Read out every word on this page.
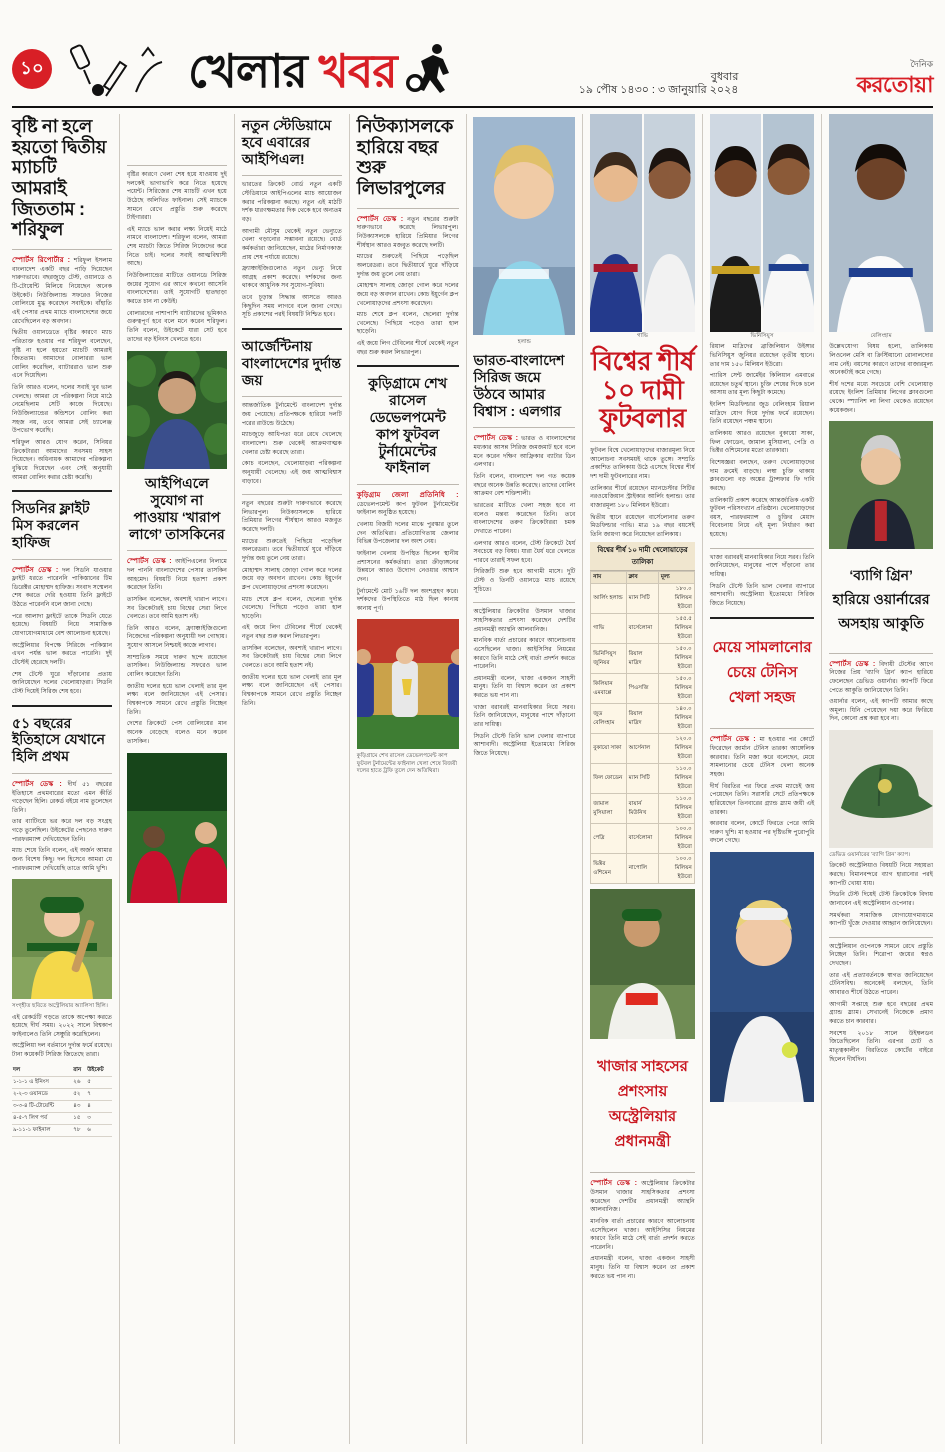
১০	খেলার খবর	বুধবার
১৯ পৌষ ১৪৩০ : ৩ জানুয়ারি ২০২৪
দৈনিক
করতোয়া
বৃষ্টি না হলে হয়তো দ্বিতীয় ম্যাচটি আমরাই জিততাম : শরিফুল

স্পোর্টস রিপোর্টার : শরিফুল ইসলাম বাংলাদেশ একটি বছর পাড়ি দিয়েছেন দারুণভাবে। বছরজুড়ে টেস্ট, ওয়ানডে ও টি-টোয়েন্টি মিলিয়ে নিয়েছেন অনেক উইকেট। নিউজিল্যান্ড সফরেও নিজের বোলিংয়ে মুগ্ধ করেছেন সবাইকে। বাঁহাতি এই পেসার প্রথম ম্যাচে বাংলাদেশের জয়ে রেখেছিলেন বড় অবদান।

দ্বিতীয় ওয়ানডেতে বৃষ্টির কারণে ম্যাচ পরিত্যক্ত হওয়ার পর শরিফুল বলেছেন, বৃষ্টি না হলে হয়তো ম্যাচটি আমরাই জিততাম। আমাদের বোলাররা ভাল বোলিং করেছিল, ব্যাটাররাও ভাল শুরু এনে দিয়েছিল।

তিনি আরও বলেন, দলের সবাই খুব ভাল খেলছে। আমরা যে পরিকল্পনা নিয়ে মাঠে নেমেছিলাম সেটি কাজে দিয়েছে। নিউজিল্যান্ডের কন্ডিশনে বোলিং করা সহজ নয়, তবে আমরা সেই চ্যালেঞ্জ উপভোগ করেছি।

শরিফুল আরও যোগ করেন, সিনিয়র ক্রিকেটাররা আমাদের সবসময় সাহস দিয়েছেন। অধিনায়ক আমাদের পরিকল্পনা বুঝিয়ে দিয়েছেন এবং সেই অনুযায়ী আমরা বোলিং করার চেষ্টা করেছি।

সিডনির ফ্লাইট মিস করলেন হাফিজ

স্পোর্টস ডেস্ক : দল সিডনি যাওয়ার ফ্লাইট ধরতে পারেননি পাকিস্তানের টিম ডিরেক্টর মোহাম্মদ হাফিজ। সংবাদ সম্মেলন শেষ করতে দেরি হওয়ায় তিনি ফ্লাইটে উঠতে পারেননি বলে জানা গেছে।

পরে আলাদা ফ্লাইটে তাকে সিডনি যেতে হয়েছে। বিষয়টি নিয়ে সামাজিক যোগাযোগমাধ্যমে বেশ আলোচনা হয়েছে।

অস্ট্রেলিয়ার বিপক্ষে সিরিজে পাকিস্তান এখন পর্যন্ত ভাল করতে পারেনি। দুই টেস্টেই হেরেছে দলটি।

শেষ টেস্টে ঘুরে দাঁড়ানোর প্রত্যয় জানিয়েছেন দলের খেলোয়াড়রা। সিডনি টেস্ট দিয়েই সিরিজ শেষ হবে।

৫১ বছরের ইতিহাসে যেখানে হিলি প্রথম

স্পোর্টস ডেস্ক : দীর্ঘ ৫১ বছরের ইতিহাসে প্রথমবারের মতো এমন কীর্তি গড়েছেন হিলি। রেকর্ড বইয়ে নাম তুলেছেন তিনি।

তার ব্যাটিংয়ে ভর করে দল বড় সংগ্রহ গড়ে তুলেছিল। উইকেটের পেছনেও দারুণ পারফরম্যান্স দেখিয়েছেন তিনি।

ম্যাচ শেষে তিনি বলেন, এই অর্জন আমার জন্য বিশেষ কিছু। দল হিসেবে আমরা যে পারফরম্যান্স দেখিয়েছি তাতে আমি খুশি।

সংগৃহীত ছবিতে অস্ট্রেলিয়ার অ্যালিসা হিলি।

এই রেকর্ডটি গড়তে তাকে অপেক্ষা করতে হয়েছে দীর্ঘ সময়। ২০২২ সালে বিশ্বকাপ ফাইনালেও তিনি সেঞ্চুরি করেছিলেন।

অস্ট্রেলিয়া দল বর্তমানে দুর্দান্ত ফর্মে রয়েছে। টানা কয়েকটি সিরিজ জিতেছে তারা।

দল	রান	উইকেট
১-১-১ এ ইনিংস	২৬	৫
২-২-৩ ওয়ানডে	৫২	৭
৩-৩-৪ টি-টোয়েন্টি	৪৩	৪
৪-৫-৭ লিগ পর্ব	১৫	৩
৯-১১-১ ফাইনাল	৭৮	৬

বৃষ্টির কারণে খেলা শেষ হয়ে যাওয়ায় দুই দলকেই ভাগাভাগি করে নিতে হয়েছে পয়েন্ট। সিরিজের শেষ ম্যাচটি এখন হয়ে উঠেছে অলিখিত ফাইনাল। সেই ম্যাচকে সামনে রেখে প্রস্তুতি শুরু করেছে টাইগাররা।

এই ম্যাচে ভাল করার লক্ষ্য নিয়েই মাঠে নামবে বাংলাদেশ। শরিফুল বলেন, আমরা শেষ ম্যাচটা জিতে সিরিজ নিজেদের করে নিতে চাই। দলের সবাই আত্মবিশ্বাসী আছে।

নিউজিল্যান্ডের মাটিতে ওয়ানডে সিরিজ জয়ের সুযোগ এর আগে কখনো আসেনি বাংলাদেশের। তাই সুযোগটি হাতছাড়া করতে চান না কেউই।

বোলারদের পাশাপাশি ব্যাটারদের ভূমিকাও গুরুত্বপূর্ণ হবে বলে মনে করেন শরিফুল। তিনি বলেন, উইকেটে যারা সেট হবে তাদের বড় ইনিংস খেলতে হবে।

আইপিএলে সুযোগ না পাওয়ায় ‘খারাপ লাগে’ তাসকিনের

স্পোর্টস ডেস্ক : আইপিএলের নিলামে দল পাননি বাংলাদেশের পেসার তাসকিন আহমেদ। বিষয়টি নিয়ে হতাশা প্রকাশ করেছেন তিনি।

তাসকিন বলেছেন, অবশ্যই খারাপ লাগে। সব ক্রিকেটারই চায় বিশ্বের সেরা লিগে খেলতে। তবে আমি হতাশ নই।

তিনি আরও বলেন, ফ্র্যাঞ্চাইজিগুলো নিজেদের পরিকল্পনা অনুযায়ী দল গোছায়। সুযোগ আসলে নিশ্চয়ই কাজে লাগাব।

সাম্প্রতিক সময়ে দারুণ ছন্দে রয়েছেন তাসকিন। নিউজিল্যান্ড সফরেও ভাল বোলিং করেছেন তিনি।

জাতীয় দলের হয়ে ভাল খেলাই তার মূল লক্ষ্য বলে জানিয়েছেন এই পেসার। বিশ্বকাপকে সামনে রেখে প্রস্তুতি নিচ্ছেন তিনি।

দেশের ক্রিকেটে পেস বোলিংয়ের মান অনেক বেড়েছে বলেও মনে করেন তাসকিন।

নতুন স্টেডিয়ামে হবে এবারের আইপিএল!

ভারতের ক্রিকেট বোর্ড নতুন একটি স্টেডিয়ামে আইপিএলের ম্যাচ আয়োজন করার পরিকল্পনা করছে। নতুন এই মাঠটি দর্শক ধারণক্ষমতার দিক থেকে হবে অন্যতম বড়।

আগামী মৌসুম থেকেই নতুন ভেন্যুতে খেলা গড়ানোর সম্ভাবনা রয়েছে। বোর্ড কর্মকর্তারা জানিয়েছেন, মাঠের নির্মাণকাজ প্রায় শেষ পর্যায়ে রয়েছে।

ফ্র্যাঞ্চাইজিগুলোও নতুন ভেন্যু নিয়ে আগ্রহ প্রকাশ করেছে। দর্শকদের জন্য থাকবে আধুনিক সব সুযোগ-সুবিধা।

তবে চূড়ান্ত সিদ্ধান্ত আসতে আরও কিছুদিন সময় লাগবে বলে জানা গেছে। সূচি প্রকাশের পরই বিষয়টি নিশ্চিত হবে।

আর্জেন্টিনায় বাংলাদেশের দুর্দান্ত জয়

আন্তর্জাতিক টুর্নামেন্টে বাংলাদেশ দুর্দান্ত জয় পেয়েছে। প্রতিপক্ষকে হারিয়ে দলটি পরের রাউন্ডে উঠেছে।

ম্যাচজুড়ে আধিপত্য ধরে রেখে খেলেছে বাংলাদেশ। শুরু থেকেই আক্রমণাত্মক খেলার চেষ্টা করেছে তারা।

কোচ বলেছেন, খেলোয়াড়রা পরিকল্পনা অনুযায়ী খেলেছে। এই জয় আত্মবিশ্বাস বাড়াবে।

নতুন বছরের শুরুটা দারুণভাবে করেছে লিভারপুল। নিউক্যাসলকে হারিয়ে প্রিমিয়ার লিগের শীর্ষস্থান আরও মজবুত করেছে দলটি।

ম্যাচের শুরুতেই পিছিয়ে পড়েছিল অলরেডরা। তবে দ্বিতীয়ার্ধে ঘুরে দাঁড়িয়ে দুর্দান্ত জয় তুলে নেয় তারা।

মোহাম্মদ সালাহ জোড়া গোল করে দলের জয়ে বড় অবদান রাখেন। কোচ ইয়ুর্গেন ক্লপ খেলোয়াড়দের প্রশংসা করেছেন।

ম্যাচ শেষে ক্লপ বলেন, ছেলেরা দুর্দান্ত খেলেছে। পিছিয়ে পড়েও তারা হাল ছাড়েনি।

এই জয়ে লিগ টেবিলের শীর্ষে থেকেই নতুন বছর শুরু করল লিভারপুল।

তাসকিন বলেছেন, অবশ্যই খারাপ লাগে। সব ক্রিকেটারই চায় বিশ্বের সেরা লিগে খেলতে। তবে আমি হতাশ নই।

জাতীয় দলের হয়ে ভাল খেলাই তার মূল লক্ষ্য বলে জানিয়েছেন এই পেসার। বিশ্বকাপকে সামনে রেখে প্রস্তুতি নিচ্ছেন তিনি।

নিউক্যাসলকে হারিয়ে বছর শুরু লিভারপুলের

স্পোর্টস ডেস্ক : নতুন বছরের শুরুটা দারুণভাবে করেছে লিভারপুল। নিউক্যাসলকে হারিয়ে প্রিমিয়ার লিগের শীর্ষস্থান আরও মজবুত করেছে দলটি।

ম্যাচের শুরুতেই পিছিয়ে পড়েছিল অলরেডরা। তবে দ্বিতীয়ার্ধে ঘুরে দাঁড়িয়ে দুর্দান্ত জয় তুলে নেয় তারা।

মোহাম্মদ সালাহ জোড়া গোল করে দলের জয়ে বড় অবদান রাখেন। কোচ ইয়ুর্গেন ক্লপ খেলোয়াড়দের প্রশংসা করেছেন।

ম্যাচ শেষে ক্লপ বলেন, ছেলেরা দুর্দান্ত খেলেছে। পিছিয়ে পড়েও তারা হাল ছাড়েনি।

এই জয়ে লিগ টেবিলের শীর্ষে থেকেই নতুন বছর শুরু করল লিভারপুল।

কুড়িগ্রামে শেখ রাসেল ডেভেলপমেন্ট কাপ ফুটবল টুর্নামেন্টের ফাইনাল

কুড়িগ্রাম জেলা প্রতিনিধি : ডেভেলপমেন্ট কাপ ফুটবল টুর্নামেন্টের ফাইনাল অনুষ্ঠিত হয়েছে।

খেলায় বিজয়ী দলের মাঝে পুরস্কার তুলে দেন অতিথিরা। প্রতিযোগিতায় জেলার বিভিন্ন উপজেলার দল অংশ নেয়।

ফাইনাল খেলায় উপস্থিত ছিলেন স্থানীয় প্রশাসনের কর্মকর্তারা। তারা ক্রীড়াঙ্গনের উন্নয়নে আরও উদ্যোগ নেওয়ার আশ্বাস দেন।

টুর্নামেন্টে মোট ১৬টি দল অংশগ্রহণ করে। দর্শকদের উপস্থিতিতে মাঠ ছিল কানায় কানায় পূর্ণ।

কুড়িগ্রামে শেখ রাসেল ডেভেলপমেন্ট কাপ ফুটবল টুর্নামেন্টের ফাইনাল খেলা শেষে বিজয়ী দলের হাতে ট্রফি তুলে দেন অতিথিরা।
হলান্ড
ভারত-বাংলাদেশ সিরিজ জমে উঠবে আমার বিশ্বাস : এলগার

স্পোর্টস ডেস্ক : ভারত ও বাংলাদেশের মধ্যকার আসন্ন সিরিজ জমজমাট হবে বলে মনে করেন দক্ষিণ আফ্রিকার ব্যাটার ডিন এলগার।

তিনি বলেন, বাংলাদেশ দল গত কয়েক বছরে অনেক উন্নতি করেছে। তাদের বোলিং আক্রমণ বেশ শক্তিশালী।

ভারতের মাটিতে খেলা সহজ হবে না বলেও মন্তব্য করেছেন তিনি। তবে বাংলাদেশের তরুণ ক্রিকেটাররা চমক দেখাতে পারেন।

এলগার আরও বলেন, টেস্ট ক্রিকেটে ধৈর্য সবচেয়ে বড় বিষয়। যারা ধৈর্য ধরে খেলতে পারবে তারাই সফল হবে।

সিরিজটি শুরু হবে আগামী মাসে। দুটি টেস্ট ও তিনটি ওয়ানডে ম্যাচ রয়েছে সূচিতে।

অস্ট্রেলিয়ার ক্রিকেটার উসমান খাজার সাহসিকতার প্রশংসা করেছেন দেশটির প্রধানমন্ত্রী অ্যান্থনি আলবানিজ।

মানবিক বার্তা প্রচারের কারণে আলোচনায় এসেছিলেন খাজা। আইসিসির নিয়মের কারণে তিনি মাঠে সেই বার্তা প্রদর্শন করতে পারেননি।

প্রধানমন্ত্রী বলেন, খাজা একজন সাহসী মানুষ। তিনি যা বিশ্বাস করেন তা প্রকাশ করতে ভয় পান না।

খাজা বরাবরই মানবাধিকার নিয়ে সরব। তিনি জানিয়েছেন, মানুষের পাশে দাঁড়ানো তার দায়িত্ব।

সিডনি টেস্টে তিনি ভাল খেলার ব্যাপারে আশাবাদী। অস্ট্রেলিয়া ইতোমধ্যে সিরিজ জিতে নিয়েছে।

গাভি
বিশ্বের শীর্ষ ১০ দামী ফুটবলার

ফুটবল বিশ্বে খেলোয়াড়দের বাজারমূল্য নিয়ে আলোচনা সবসময়ই থাকে তুঙ্গে। সম্প্রতি প্রকাশিত তালিকায় উঠে এসেছে বিশ্বের শীর্ষ দশ দামী ফুটবলারের নাম।

তালিকার শীর্ষে রয়েছেন ম্যানচেস্টার সিটির নরওয়েজিয়ান স্ট্রাইকার আর্লিং হলান্ড। তার বাজারমূল্য ১৮০ মিলিয়ন ইউরো।

দ্বিতীয় স্থানে রয়েছেন বার্সেলোনার তরুণ মিডফিল্ডার গাভি। মাত্র ১৯ বছর বয়সেই তিনি জায়গা করে নিয়েছেন তালিকায়।

বিশ্বের শীর্ষ ১০ দামী খেলোয়াড়ের তালিকা
নাম	ক্লাব	মূল্য
আর্লিং হলান্ড	ম্যান সিটি	১৮০.০ মিলিয়ন ইউরো
গাভি	বার্সেলোনা	১৫৫.৫ মিলিয়ন ইউরো
ভিনিসিয়ুস জুনিয়র	রিয়াল মাদ্রিদ	১৫০.০ মিলিয়ন ইউরো
কিলিয়ান এমবাপ্পে	পিএসজি	১৫০.০ মিলিয়ন ইউরো
জুড বেলিংহাম	রিয়াল মাদ্রিদ	১৪০.০ মিলিয়ন ইউরো
বুকায়ো সাকা	আর্সেনাল	১২০.০ মিলিয়ন ইউরো
ফিল ফোডেন	ম্যান সিটি	১১০.০ মিলিয়ন ইউরো
জামাল মুসিয়ালা	বায়ার্ন মিউনিখ	১১০.০ মিলিয়ন ইউরো
পেদ্রি	বার্সেলোনা	১০০.০ মিলিয়ন ইউরো
ভিক্টর ওশিমেন	নাপোলি	১০০.০ মিলিয়ন ইউরো
খাজার সাহসের প্রশংসায় অস্ট্রেলিয়ার প্রধানমন্ত্রী

স্পোর্টস ডেস্ক : অস্ট্রেলিয়ার ক্রিকেটার উসমান খাজার সাহসিকতার প্রশংসা করেছেন দেশটির প্রধানমন্ত্রী অ্যান্থনি আলবানিজ।

মানবিক বার্তা প্রচারের কারণে আলোচনায় এসেছিলেন খাজা। আইসিসির নিয়মের কারণে তিনি মাঠে সেই বার্তা প্রদর্শন করতে পারেননি।

প্রধানমন্ত্রী বলেন, খাজা একজন সাহসী মানুষ। তিনি যা বিশ্বাস করেন তা প্রকাশ করতে ভয় পান না।

ভিনিসিয়ুস

রিয়াল মাদ্রিদের ব্রাজিলিয়ান উইঙ্গার ভিনিসিয়ুস জুনিয়র রয়েছেন তৃতীয় স্থানে। তার দাম ১৫০ মিলিয়ন ইউরো।

প্যারিস সেন্ট জার্মেইর কিলিয়ান এমবাপ্পে রয়েছেন চতুর্থ স্থানে। চুক্তি শেষের দিকে চলে আসায় তার মূল্য কিছুটা কমেছে।

ইংলিশ মিডফিল্ডার জুড বেলিংহাম রিয়াল মাদ্রিদে যোগ দিয়ে দুর্দান্ত ফর্মে রয়েছেন। তিনি রয়েছেন পঞ্চম স্থানে।

তালিকায় আরও রয়েছেন বুকায়ো সাকা, ফিল ফোডেন, জামাল মুসিয়ালা, পেদ্রি ও ভিক্টর ওশিমেনের মতো তারকারা।

বিশেষজ্ঞরা বলছেন, তরুণ খেলোয়াড়দের দাম ক্রমেই বাড়ছে। লম্বা চুক্তি থাকায় ক্লাবগুলো বড় অঙ্কের ট্রান্সফার ফি দাবি করছে।

তালিকাটি প্রকাশ করেছে আন্তর্জাতিক একটি ফুটবল পরিসংখ্যান প্রতিষ্ঠান। খেলোয়াড়দের বয়স, পারফরম্যান্স ও চুক্তির মেয়াদ বিবেচনায় নিয়ে এই মূল্য নির্ধারণ করা হয়েছে।

খাজা বরাবরই মানবাধিকার নিয়ে সরব। তিনি জানিয়েছেন, মানুষের পাশে দাঁড়ানো তার দায়িত্ব।

সিডনি টেস্টে তিনি ভাল খেলার ব্যাপারে আশাবাদী। অস্ট্রেলিয়া ইতোমধ্যে সিরিজ জিতে নিয়েছে।

মেয়ে সামলানোর চেয়ে টেনিস খেলা সহজ

স্পোর্টস ডেস্ক : মা হওয়ার পর কোর্টে ফিরেছেন জার্মান টেনিস তারকা আঙ্গেলিক কারবার। তিনি মজা করে বলেছেন, মেয়ে সামলানোর চেয়ে টেনিস খেলা অনেক সহজ।

দীর্ঘ বিরতির পর ফিরে প্রথম ম্যাচেই জয় পেয়েছেন তিনি। সরাসরি সেটে প্রতিপক্ষকে হারিয়েছেন তিনবারের গ্র্যান্ড স্ল্যাম জয়ী এই তারকা।

কারবার বলেন, কোর্টে ফিরতে পেরে আমি দারুণ খুশি। মা হওয়ার পর দৃষ্টিভঙ্গি পুরোপুরি বদলে গেছে।

বেলিংহাম

উল্লেখযোগ্য বিষয় হলো, তালিকায় লিওনেল মেসি বা ক্রিস্টিয়ানো রোনালদোর নাম নেই। বয়সের কারণে তাদের বাজারমূল্য অনেকটাই কমে গেছে।

শীর্ষ দশের মধ্যে সবচেয়ে বেশি খেলোয়াড় রয়েছে ইংলিশ প্রিমিয়ার লিগের ক্লাবগুলো থেকে। স্প্যানিশ লা লিগা থেকেও রয়েছেন কয়েকজন।

‘ব্যাগি গ্রিন’ হারিয়ে ওয়ার্নারের অসহায় আকুতি

স্পোর্টস ডেস্ক : বিদায়ী টেস্টের আগে নিজের প্রিয় ‘ব্যাগি গ্রিন’ ক্যাপ হারিয়ে ফেলেছেন ডেভিড ওয়ার্নার। ক্যাপটি ফিরে পেতে আকুতি জানিয়েছেন তিনি।

ওয়ার্নার বলেন, এই ক্যাপটি আমার কাছে অমূল্য। যিনি পেয়েছেন দয়া করে ফিরিয়ে দিন, কোনো প্রশ্ন করা হবে না।

ডেভিড ওয়ার্নারের ‘ব্যাগি গ্রিন’ ক্যাপ।

ক্রিকেট অস্ট্রেলিয়াও বিষয়টি নিয়ে সহায়তা করছে। বিমানবন্দরে ব্যাগ হারানোর পরই ক্যাপটি খোয়া যায়।

সিডনি টেস্ট দিয়েই টেস্ট ক্রিকেটকে বিদায় জানাবেন এই অস্ট্রেলিয়ান ওপেনার।

সমর্থকরা সামাজিক যোগাযোগমাধ্যমে ক্যাপটি খুঁজে দেওয়ার আহ্বান জানিয়েছেন।

অস্ট্রেলিয়ান ওপেনকে সামনে রেখে প্রস্তুতি নিচ্ছেন তিনি। শিরোপা জয়ের স্বপ্নও দেখছেন।

তার এই প্রত্যাবর্তনকে স্বাগত জানিয়েছেন টেনিসবিশ্ব। অনেকেই বলছেন, তিনি আবারও শীর্ষে উঠতে পারেন।

আগামী সপ্তাহে শুরু হবে বছরের প্রথম গ্র্যান্ড স্ল্যাম। সেখানেই নিজেকে প্রমাণ করতে চান কারবার।

সবশেষ ২০১৮ সালে উইম্বলডন জিতেছিলেন তিনি। এরপর চোট ও মাতৃত্বকালীন বিরতিতে কোর্টের বাইরে ছিলেন দীর্ঘদিন।
